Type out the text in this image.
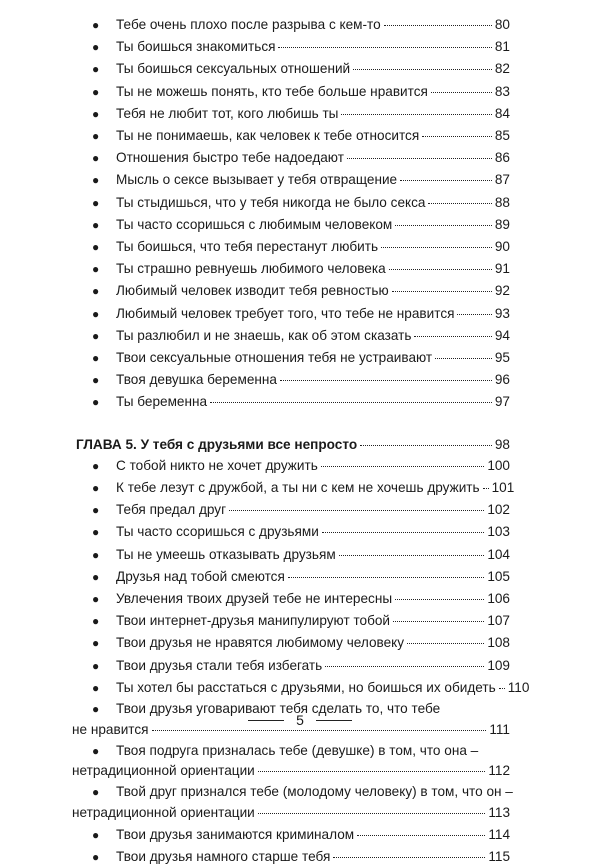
●	Тебе очень плохо после разрыва с кем-то	80
●	Ты боишься знакомиться	81
●	Ты боишься сексуальных отношений	82
●	Ты не можешь понять, кто тебе больше нравится	83
●	Тебя не любит тот, кого любишь ты	84
●	Ты не понимаешь, как человек к тебе относится	85
●	Отношения быстро тебе надоедают	86
●	Мысль о сексе вызывает у тебя отвращение	87
●	Ты стыдишься, что у тебя никогда не было секса	88
●	Ты часто ссоришься с любимым человеком	89
●	Ты боишься, что тебя перестанут любить	90
●	Ты страшно ревнуешь любимого человека	91
●	Любимый человек изводит тебя ревностью	92
●	Любимый человек требует того, что тебе не нравится	93
●	Ты разлюбил и не знаешь, как об этом сказать	94
●	Твои сексуальные отношения тебя не устраивают	95
●	Твоя девушка беременна	96
●	Ты беременна	97
ГЛАВА 5. У тебя с друзьями все непросто	98
●	С тобой никто не хочет дружить	100
●	К тебе лезут с дружбой, а ты ни с кем не хочешь дружить 101
●	Тебя предал друг	102
●	Ты часто ссоришься с друзьями	103
●	Ты не умеешь отказывать друзьям	104
●	Друзья над тобой смеются	105
●	Увлечения твоих друзей тебе не интересны	106
●	Твои интернет-друзья манипулируют тобой	107
●	Твои друзья не нравятся любимому человеку	108
●	Твои друзья стали тебя избегать	109
●	Ты хотел бы расстаться с друзьями, но боишься их обидеть 110
●	Твои друзья уговаривают тебя сделать то, что тебе
не нравится	111
●	Твоя подруга призналась тебе (девушке) в том, что она –
нетрадиционной ориентации	112
●	Твой друг признался тебе (молодому человеку) в том, что он –
нетрадиционной ориентации	113
●	Твои друзья занимаются криминалом	114
●	Твои друзья намного старше тебя	115
5
